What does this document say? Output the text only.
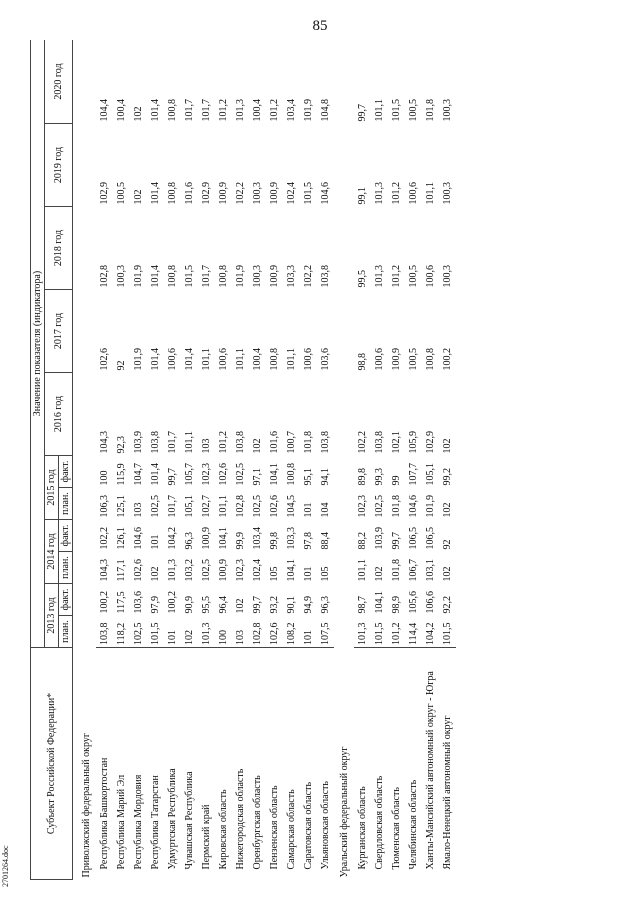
85
Субъект Российской Федерации*	Значение показателя (индикатора)										
	2013 год		2014 год		2015 год		2016 год	2017 год	2018 год	2019 год	2020 год
	план.	факт.	план.	факт.	план.	факт.					
Приволжский федеральный округ											
Республика Башкортостан	103,8	100,2	104,3	102,2	106,3	100	104,3	102,6	102,8	102,9	104,4
Республика Марий Эл	118,2	117,5	117,1	126,1	125,1	115,9	92,3	92	100,3	100,5	100,4
Республика Мордовия	102,5	103,6	102,6	104,6	103	104,7	103,9	101,9	101,9	102	102
Республика Татарстан	101,5	97,9	102	101	102,5	101,4	103,8	101,4	101,4	101,4	101,4
Удмуртская Республика	101	100,2	101,3	104,2	101,7	99,7	101,7	100,6	100,8	100,8	100,8
Чувашская Республика	102	90,9	103,2	96,3	105,1	105,7	101,1	101,4	101,5	101,6	101,7
Пермский край	101,3	95,5	102,5	100,9	102,7	102,3	103	101,1	101,7	102,9	101,7
Кировская область	100	96,4	100,9	104,1	101,1	102,6	101,2	100,6	100,8	100,9	101,2
Нижегородская область	103	102	102,3	99,9	102,8	102,5	103,8	101,1	101,9	102,2	101,3
Оренбургская область	102,8	99,7	102,4	103,4	102,5	97,1	102	100,4	100,3	100,3	100,4
Пензенская область	102,6	93,2	105	99,8	102,6	104,1	101,6	100,8	100,9	100,9	101,2
Самарская область	108,2	90,1	104,1	103,3	104,5	100,8	100,7	101,1	103,3	102,4	103,4
Саратовская область	101	94,9	101	97,8	101	95,1	101,8	100,6	102,2	101,5	101,9
Ульяновская область	107,5	96,3	105	88,4	104	94,1	103,8	103,6	103,8	104,6	104,8
Уральский федеральный округ											
Курганская область	101,3	98,7	101,1	88,2	102,3	89,8	102,2	98,8	99,5	99,1	99,7
Свердловская область	101,5	104,1	102	103,9	102,5	99,3	103,8	100,6	101,3	101,3	101,1
Тюменская область	101,2	98,9	101,8	99,7	101,8	99	102,1	100,9	101,2	101,2	101,5
Челябинская область	114,4	105,6	106,7	106,5	104,6	107,7	105,9	100,5	100,5	100,6	100,5
Ханты-Мансийский автономный округ - Югра	104,2	106,6	103,1	106,5	101,9	105,1	102,9	100,8	100,6	101,1	101,8
Ямало-Ненецкий автономный округ	101,5	92,2	102	92	102	99,2	102	100,2	100,3	100,3	100,3
2701264.doc
